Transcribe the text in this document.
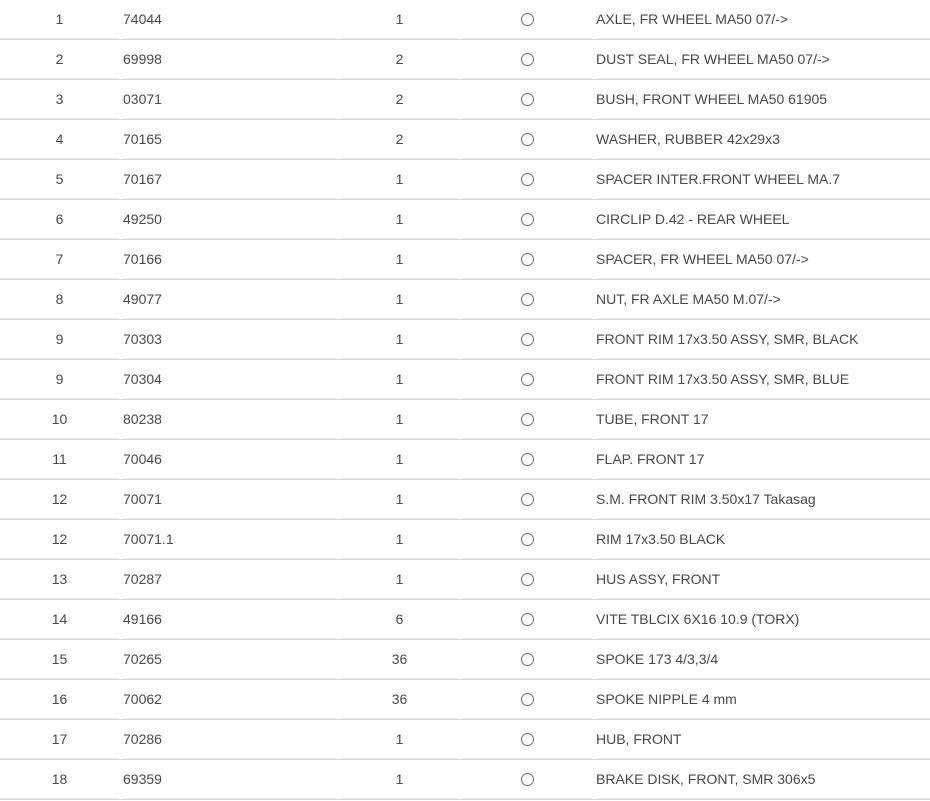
1	74044	1	AXLE, FR WHEEL MA50 07/->
2	69998	2	DUST SEAL, FR WHEEL MA50 07/->
3	03071	2	BUSH, FRONT WHEEL MA50 61905
4	70165	2	WASHER, RUBBER 42x29x3
5	70167	1	SPACER INTER.FRONT WHEEL MA.7
6	49250	1	CIRCLIP D.42 - REAR WHEEL
7	70166	1	SPACER, FR WHEEL MA50 07/->
8	49077	1	NUT, FR AXLE MA50 M.07/->
9	70303	1	FRONT RIM 17x3.50 ASSY, SMR, BLACK
9	70304	1	FRONT RIM 17x3.50 ASSY, SMR, BLUE
10	80238	1	TUBE, FRONT 17
11	70046	1	FLAP. FRONT 17
12	70071	1	S.M. FRONT RIM 3.50x17 Takasag
12	70071.1	1	RIM 17x3.50 BLACK
13	70287	1	HUS ASSY, FRONT
14	49166	6	VITE TBLCIX 6X16 10.9 (TORX)
15	70265	36	SPOKE 173 4/3,3/4
16	70062	36	SPOKE NIPPLE 4 mm
17	70286	1	HUB, FRONT
18	69359	1	BRAKE DISK, FRONT, SMR 306x5
